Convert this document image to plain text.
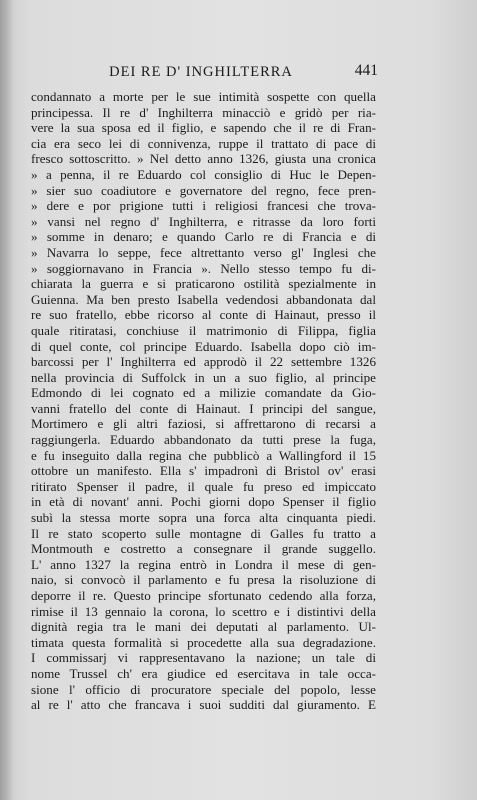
DEI RE D' INGHILTERRA	441
condannato a morte per le sue intimità sospette con quella
principessa. Il re d' Inghilterra minacciò e gridò per ria-
vere la sua sposa ed il figlio, e sapendo che il re di Fran-
cia era seco lei di connivenza, ruppe il trattato di pace di
fresco sottoscritto. » Nel detto anno 1326, giusta una cronica
» a penna, il re Eduardo col consiglio di Huc le Depen-
» sier suo coadiutore e governatore del regno, fece pren-
» dere e por prigione tutti i religiosi francesi che trova-
» vansi nel regno d' Inghilterra, e ritrasse da loro forti
» somme in denaro; e quando Carlo re di Francia e di
» Navarra lo seppe, fece altrettanto verso gl' Inglesi che
» soggiornavano in Francia ». Nello stesso tempo fu di-
chiarata la guerra e si praticarono ostilità spezialmente in
Guienna. Ma ben presto Isabella vedendosi abbandonata dal
re suo fratello, ebbe ricorso al conte di Hainaut, presso il
quale ritiratasi, conchiuse il matrimonio di Filippa, figlia
di quel conte, col principe Eduardo. Isabella dopo ciò im-
barcossi per l' Inghilterra ed approdò il 22 settembre 1326
nella provincia di Suffolck in un a suo figlio, al principe
Edmondo di lei cognato ed a milizie comandate da Gio-
vanni fratello del conte di Hainaut. I principi del sangue,
Mortimero e gli altri faziosi, si affrettarono di recarsi a
raggiungerla. Eduardo abbandonato da tutti prese la fuga,
e fu inseguito dalla regina che pubblicò a Wallingford il 15
ottobre un manifesto. Ella s' impadronì di Bristol ov' erasi
ritirato Spenser il padre, il quale fu preso ed impiccato
in età di novant' anni. Pochi giorni dopo Spenser il figlio
subì la stessa morte sopra una forca alta cinquanta piedi.
Il re stato scoperto sulle montagne di Galles fu tratto a
Montmouth e costretto a consegnare il grande suggello.
L' anno 1327 la regina entrò in Londra il mese di gen-
naio, si convocò il parlamento e fu presa la risoluzione di
deporre il re. Questo principe sfortunato cedendo alla forza,
rimise il 13 gennaio la corona, lo scettro e i distintivi della
dignità regia tra le mani dei deputati al parlamento. Ul-
timata questa formalità si procedette alla sua degradazione.
I commissarj vi rappresentavano la nazione; un tale di
nome Trussel ch' era giudice ed esercitava in tale occa-
sione l' officio di procuratore speciale del popolo, lesse
al re l' atto che francava i suoi sudditi dal giuramento. E
